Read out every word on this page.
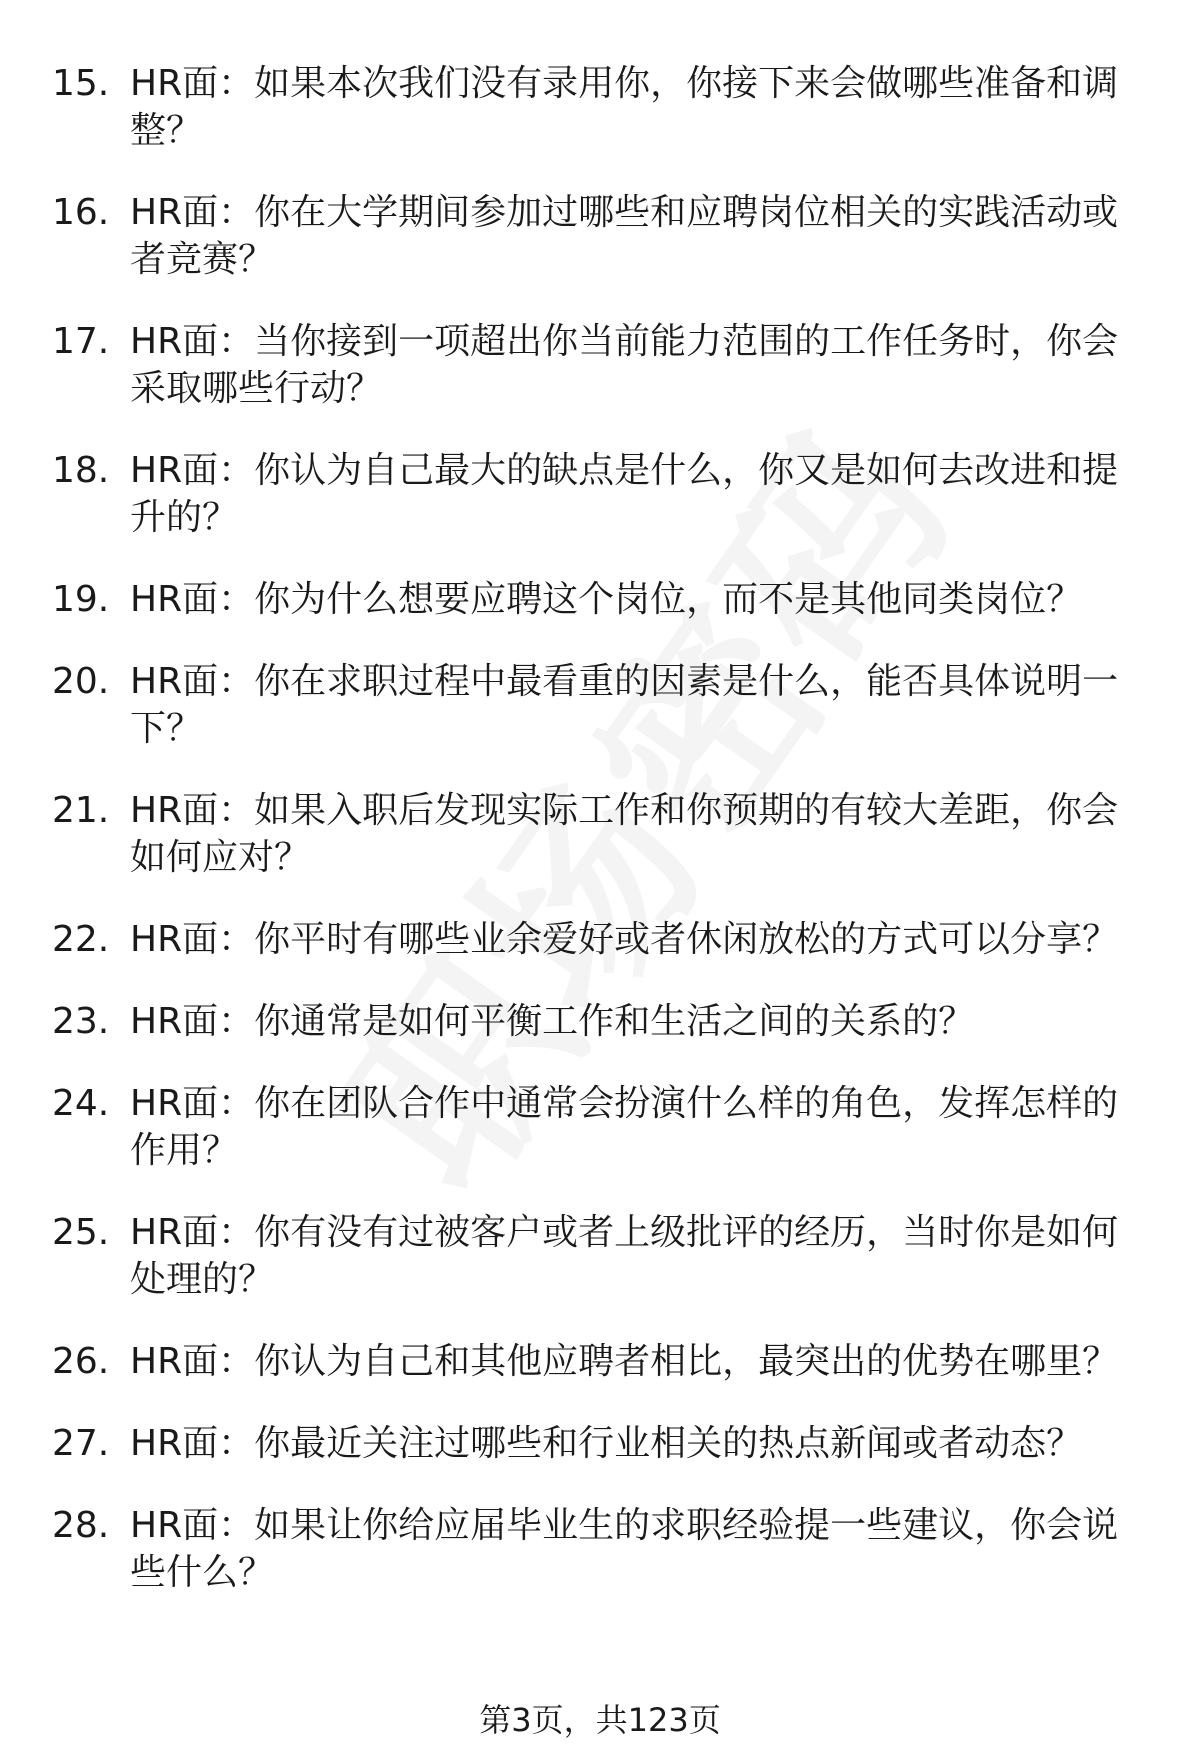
15. HR面：如果本次我们没有录用你，你接下来会做哪些准备和调整？
16. HR面：你在大学期间参加过哪些和应聘岗位相关的实践活动或者竞赛？
17. HR面：当你接到一项超出你当前能力范围的工作任务时，你会采取哪些行动？
18. HR面：你认为自己最大的缺点是什么，你又是如何去改进和提升的？
19. HR面：你为什么想要应聘这个岗位，而不是其他同类岗位？
20. HR面：你在求职过程中最看重的因素是什么，能否具体说明一下？
21. HR面：如果入职后发现实际工作和你预期的有较大差距，你会如何应对？
22. HR面：你平时有哪些业余爱好或者休闲放松的方式可以分享？
23. HR面：你通常是如何平衡工作和生活之间的关系的？
24. HR面：你在团队合作中通常会扮演什么样的角色，发挥怎样的作用？
25. HR面：你有没有过被客户或者上级批评的经历，当时你是如何处理的？
26. HR面：你认为自己和其他应聘者相比，最突出的优势在哪里？
27. HR面：你最近关注过哪些和行业相关的热点新闻或者动态？
28. HR面：如果让你给应届毕业生的求职经验提一些建议，你会说些什么？
第3页，共123页
